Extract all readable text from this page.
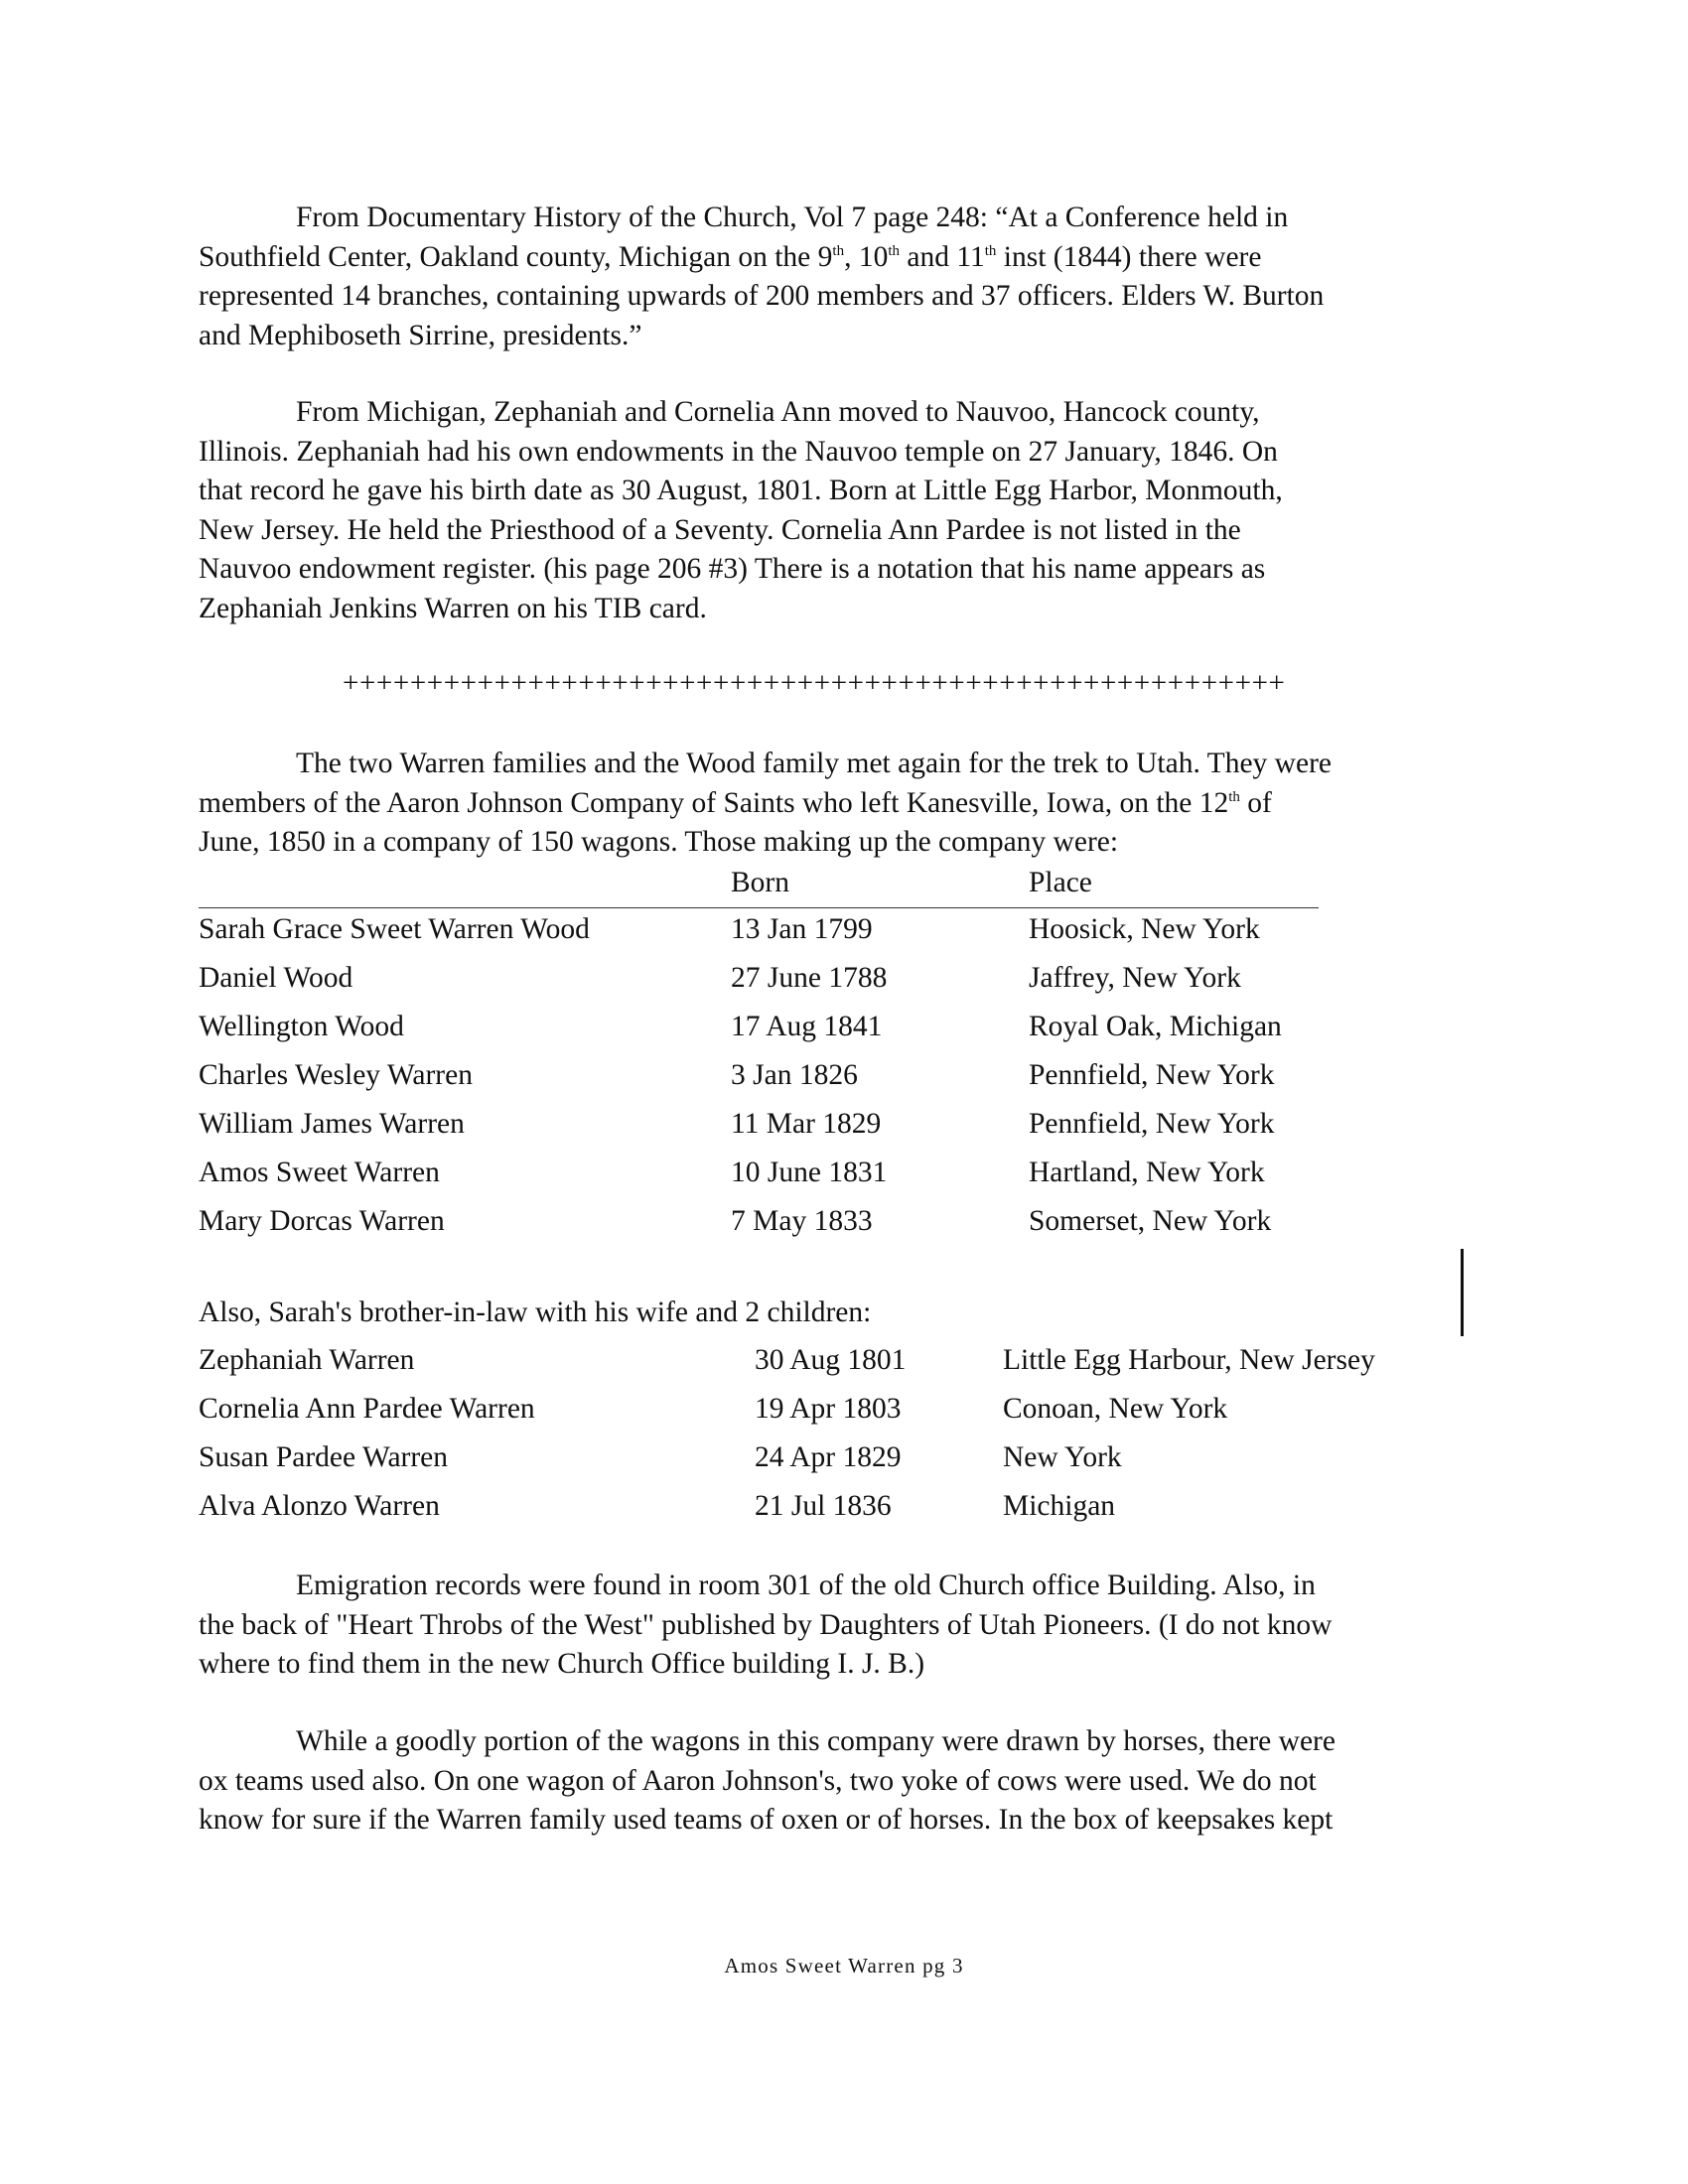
From Documentary History of the Church, Vol 7 page 248: “At a Conference held in
Southfield Center, Oakland county, Michigan on the 9th, 10th and 11th inst (1844) there were
represented 14 branches, containing upwards of 200 members and 37 officers. Elders W. Burton
and Mephiboseth Sirrine, presidents.”
From Michigan, Zephaniah and Cornelia Ann moved to Nauvoo, Hancock county,
Illinois. Zephaniah had his own endowments in the Nauvoo temple on 27 January, 1846. On
that record he gave his birth date as 30 August, 1801. Born at Little Egg Harbor, Monmouth,
New Jersey. He held the Priesthood of a Seventy. Cornelia Ann Pardee is not listed in the
Nauvoo endowment register. (his page 206 #3) There is a notation that his name appears as
Zephaniah Jenkins Warren on his TIB card.
++++++++++++++++++++++++++++++++++++++++++++++++++++++++
The two Warren families and the Wood family met again for the trek to Utah. They were
members of the Aaron Johnson Company of Saints who left Kanesville, Iowa, on the 12th of
June, 1850 in a company of 150 wagons. Those making up the company were:
Born	Place
Sarah Grace Sweet Warren Wood	13 Jan 1799	Hoosick, New York
Daniel Wood	27 June 1788	Jaffrey, New York
Wellington Wood	17 Aug 1841	Royal Oak, Michigan
Charles Wesley Warren	3 Jan 1826	Pennfield, New York
William James Warren	11 Mar 1829	Pennfield, New York
Amos Sweet Warren	10 June 1831	Hartland, New York
Mary Dorcas Warren	7 May 1833	Somerset, New York
Also, Sarah's brother-in-law with his wife and 2 children:
Zephaniah Warren	30 Aug 1801	Little Egg Harbour, New Jersey
Cornelia Ann Pardee Warren	19 Apr 1803	Conoan, New York
Susan Pardee Warren	24 Apr 1829	New York
Alva Alonzo Warren	21 Jul 1836	Michigan
Emigration records were found in room 301 of the old Church office Building. Also, in
the back of "Heart Throbs of the West" published by Daughters of Utah Pioneers. (I do not know
where to find them in the new Church Office building I. J. B.)
While a goodly portion of the wagons in this company were drawn by horses, there were
ox teams used also. On one wagon of Aaron Johnson's, two yoke of cows were used. We do not
know for sure if the Warren family used teams of oxen or of horses. In the box of keepsakes kept
Amos Sweet Warren pg 3
